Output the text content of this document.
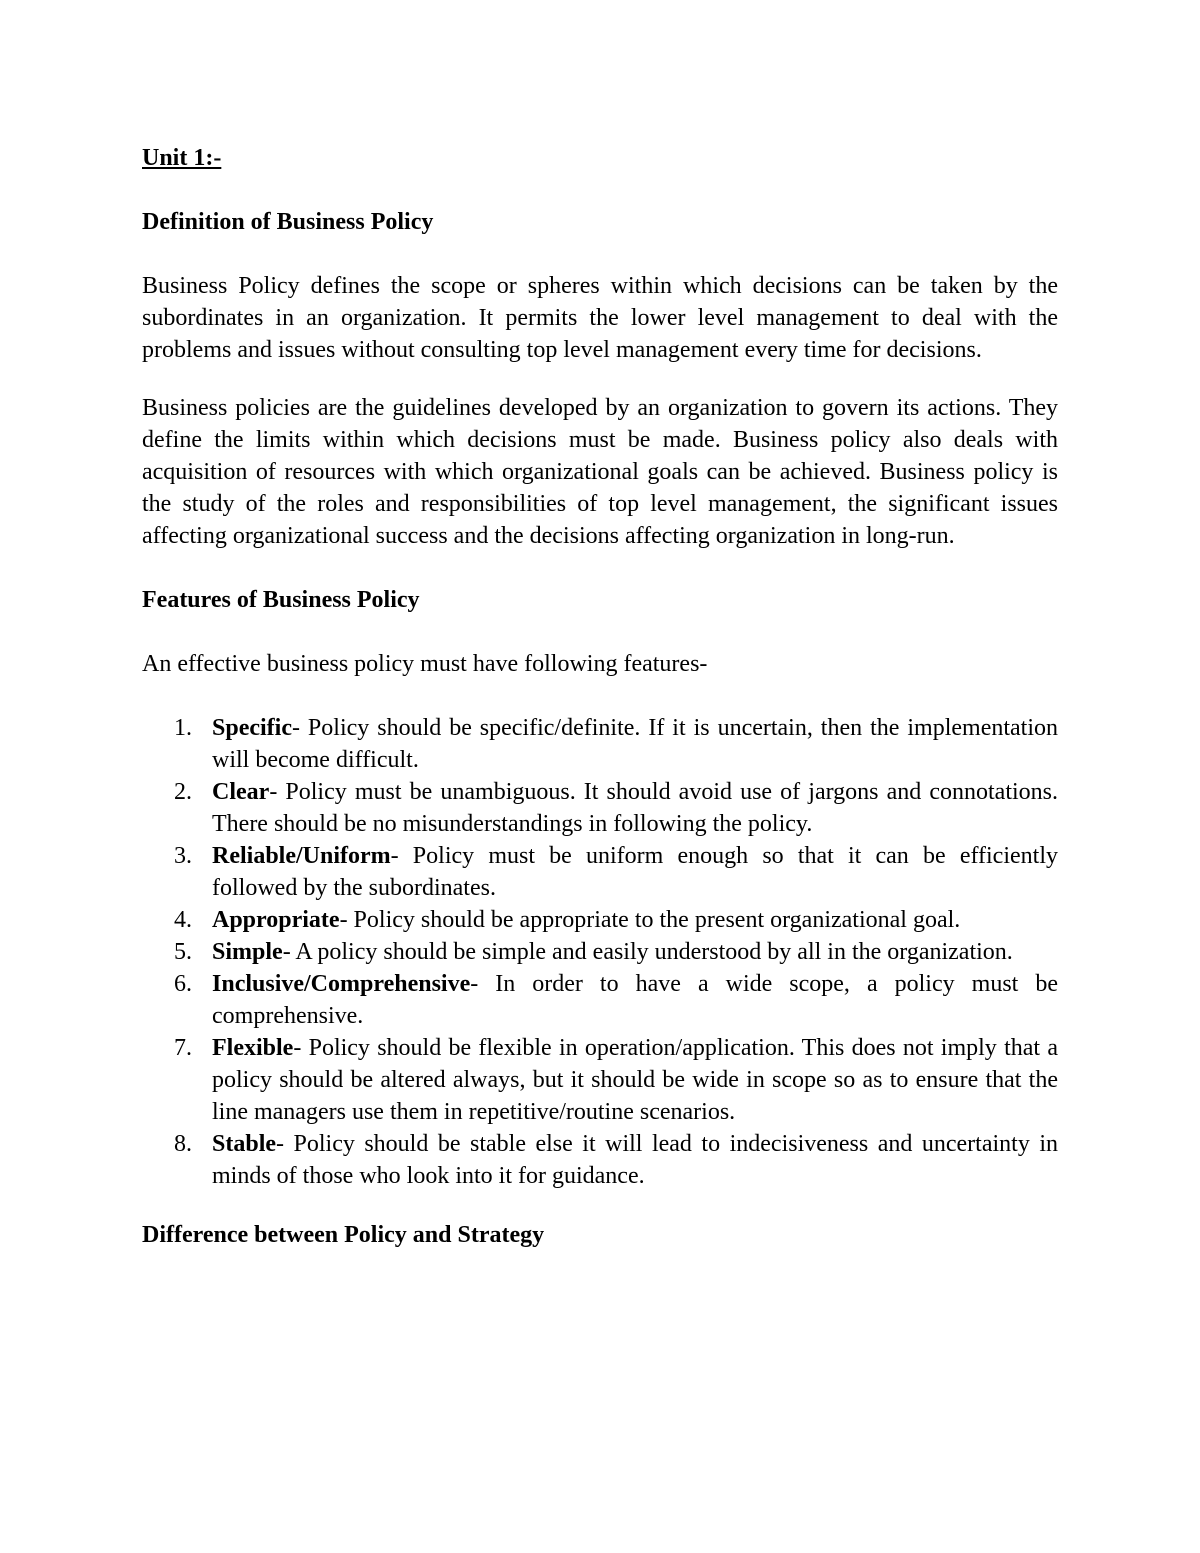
Unit 1:-
Definition of Business Policy

Business Policy defines the scope or spheres within which decisions can be taken by the subordinates in an organization. It permits the lower level management to deal with the problems and issues without consulting top level management every time for decisions.

Business policies are the guidelines developed by an organization to govern its actions. They define the limits within which decisions must be made. Business policy also deals with acquisition of resources with which organizational goals can be achieved. Business policy is the study of the roles and responsibilities of top level management, the significant issues affecting organizational success and the decisions affecting organization in long-run.

Features of Business Policy

An effective business policy must have following features-

1. Specific- Policy should be specific/definite. If it is uncertain, then the implementation will become difficult.
2. Clear- Policy must be unambiguous. It should avoid use of jargons and connotations. There should be no misunderstandings in following the policy.
3. Reliable/Uniform- Policy must be uniform enough so that it can be efficiently followed by the subordinates.
4. Appropriate- Policy should be appropriate to the present organizational goal.
5. Simple- A policy should be simple and easily understood by all in the organization.
6. Inclusive/Comprehensive- In order to have a wide scope, a policy must be comprehensive.
7. Flexible- Policy should be flexible in operation/application. This does not imply that a policy should be altered always, but it should be wide in scope so as to ensure that the line managers use them in repetitive/routine scenarios.
8. Stable- Policy should be stable else it will lead to indecisiveness and uncertainty in minds of those who look into it for guidance.
Difference between Policy and Strategy
